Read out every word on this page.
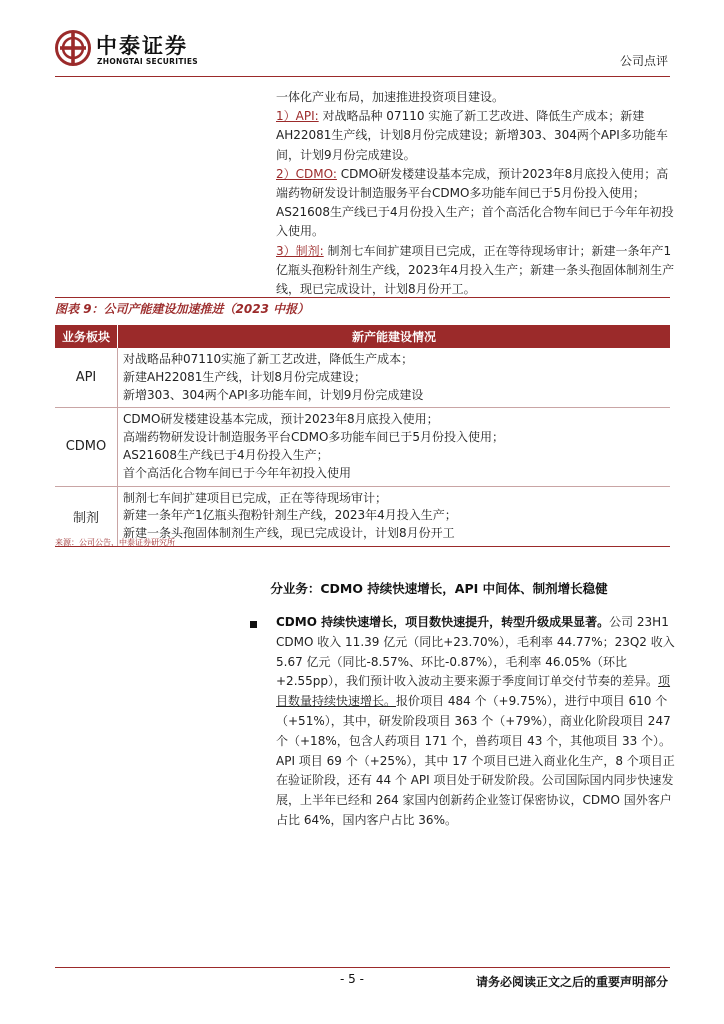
中泰证券
ZHONGTAI SECURITIES	公司点评

一体化产业布局，加速推进投资项目建设。

1）API: 对战略品种 07110 实施了新工艺改进、降低生产成本；新建AH22081生产线，计划8月份完成建设；新增303、304两个API多功能车间，计划9月份完成建设。

2）CDMO: CDMO研发楼建设基本完成，预计2023年8月底投入使用；高端药物研发设计制造服务平台CDMO多功能车间已于5月份投入使用；AS21608生产线已于4月份投入生产；首个高活化合物车间已于今年年初投入使用。

3）制剂: 制剂七车间扩建项目已完成，正在等待现场审计；新建一条年产1亿瓶头孢粉针剂生产线，2023年4月投入生产；新建一条头孢固体制剂生产线，现已完成设计，计划8月份开工。

图表 9：公司产能建设加速推进（2023 中报）
业务板块	新产能建设情况
API	对战略品种07110实施了新工艺改进，降低生产成本；
新建AH22081生产线，计划8月份完成建设；
新增303、304两个API多功能车间，计划9月份完成建设

CDMO	CDMO研发楼建设基本完成，预计2023年8月底投入使用；
高端药物研发设计制造服务平台CDMO多功能车间已于5月份投入使用；
AS21608生产线已于4月份投入生产；
首个高活化合物车间已于今年年初投入使用

制剂	制剂七车间扩建项目已完成，正在等待现场审计；
新建一条年产1亿瓶头孢粉针剂生产线，2023年4月投入生产；
新建一条头孢固体制剂生产线，现已完成设计，计划8月份开工
来源：公司公告，中泰证券研究所
分业务：CDMO 持续快速增长，API 中间体、制剂增长稳健
CDMO 持续快速增长，项目数快速提升，转型升级成果显著。公司 23H1 CDMO 收入 11.39 亿元（同比+23.70%），毛利率 44.77%；23Q2 收入 5.67 亿元（同比-8.57%、环比-0.87%），毛利率 46.05%（环比+2.55pp），我们预计收入波动主要来源于季度间订单交付节奏的差异。项目数量持续快速增长。报价项目 484 个（+9.75%），进行中项目 610 个（+51%），其中，研发阶段项目 363 个（+79%），商业化阶段项目 247 个（+18%，包含人药项目 171 个，兽药项目 43 个，其他项目 33 个）。API 项目 69 个（+25%），其中 17 个项目已进入商业化生产，8 个项目正在验证阶段，还有 44 个 API 项目处于研发阶段。公司国际国内同步快速发展，上半年已经和 264 家国内创新药企业签订保密协议，CDMO 国外客户占比 64%，国内客户占比 36%。
- 5 -	请务必阅读正文之后的重要声明部分
